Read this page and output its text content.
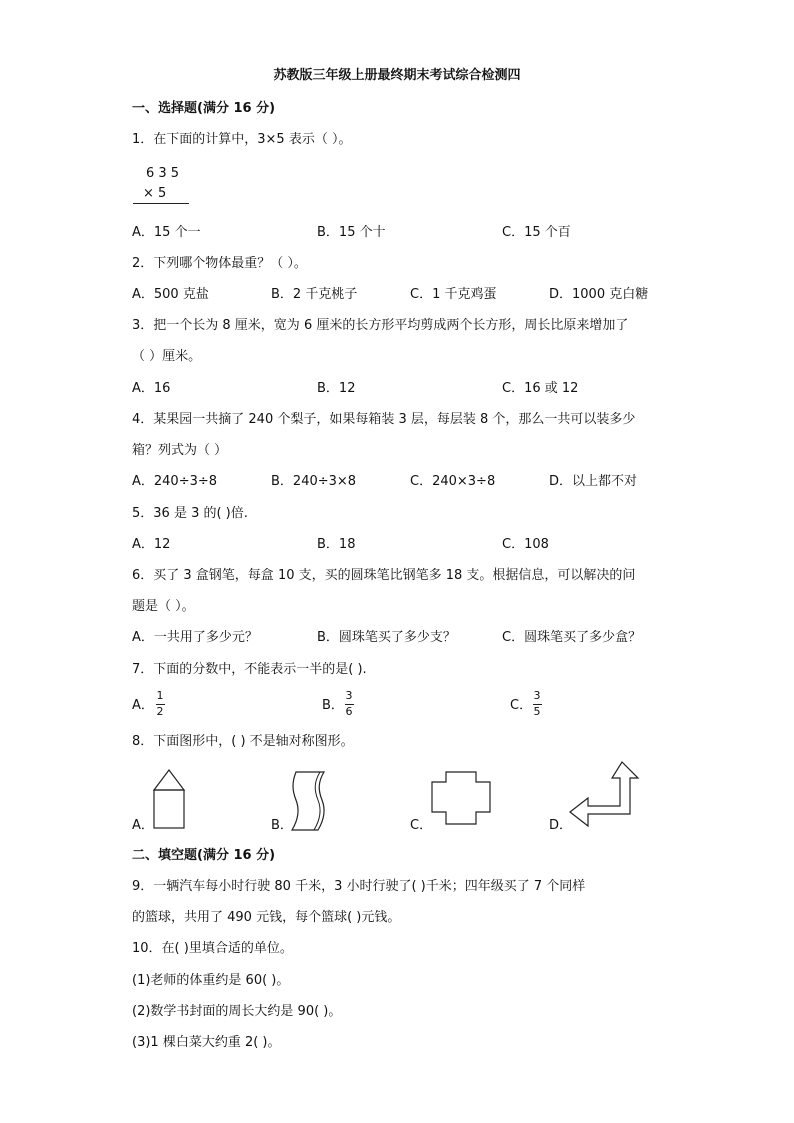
苏教版三年级上册最终期末考试综合检测四
一、选择题(满分 16 分)
1．在下面的计算中，3×5 表示（ ）。
6 3 5
× 5
A．15 个一	B．15 个十	C．15 个百
2．下列哪个物体最重？（ ）。
A．500 克盐	B．2 千克桃子	C．1 千克鸡蛋	D．1000 克白糖
3．把一个长为 8 厘米，宽为 6 厘米的长方形平均剪成两个长方形，周长比原来增加了
（ ）厘米。
A．16	B．12	C．16 或 12
4．某果园一共摘了 240 个梨子，如果每箱装 3 层，每层装 8 个，那么一共可以装多少
箱？列式为（ ）
A．240÷3÷8	B．240÷3×8	C．240×3÷8	D．以上都不对
5．36 是 3 的( )倍.
A．12	B．18	C．108
6．买了 3 盒钢笔，每盒 10 支，买的圆珠笔比钢笔多 18 支。根据信息，可以解决的问
题是（ ）。
A．一共用了多少元？	B．圆珠笔买了多少支？	C．圆珠笔买了多少盒？
7．下面的分数中，不能表示一半的是( ).
A．
1
2	B．
3
6	C．
3
5
8．下面图形中，( ) 不是轴对称图形。
A．	B．	C．	D．
二、填空题(满分 16 分)
9．一辆汽车每小时行驶 80 千米，3 小时行驶了( )千米；四年级买了 7 个同样
的篮球，共用了 490 元钱，每个篮球( )元钱。
10．在( )里填合适的单位。
(1)老师的体重约是 60( )。
(2)数学书封面的周长大约是 90( )。
(3)1 棵白菜大约重 2( )。
